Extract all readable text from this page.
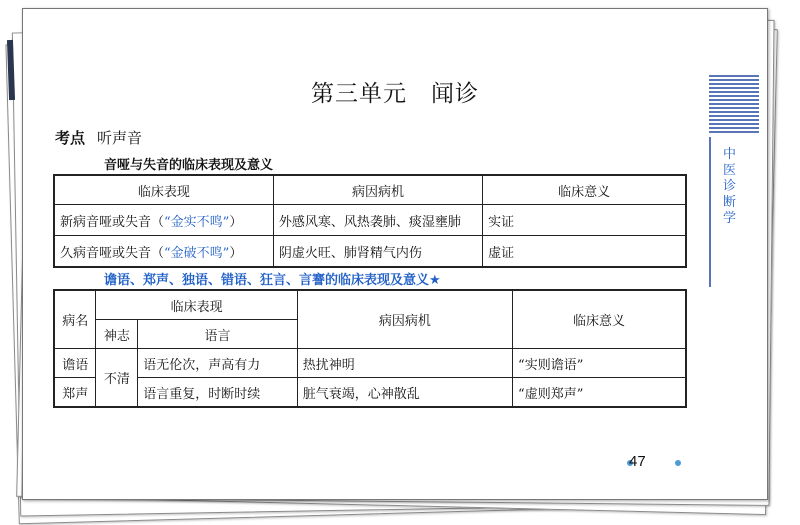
第三单元　闻诊
考点 听声音
音哑与失音的临床表现及意义
临床表现	病因病机	临床意义
新病音哑或失音（“金实不鸣”）	外感风寒、风热袭肺、痰湿壅肺	实证
久病音哑或失音（“金破不鸣”）	阴虚火旺、肺肾精气内伤	虚证
谵语、郑声、独语、错语、狂言、言謇的临床表现及意义★
病名	临床表现		病因病机	临床意义
	神志	语言		
谵语	不清	语无伦次，声高有力	热扰神明	“实则谵语”
郑声		语言重复，时断时续	脏气衰竭，心神散乱	“虚则郑声”
中医诊断学
47
